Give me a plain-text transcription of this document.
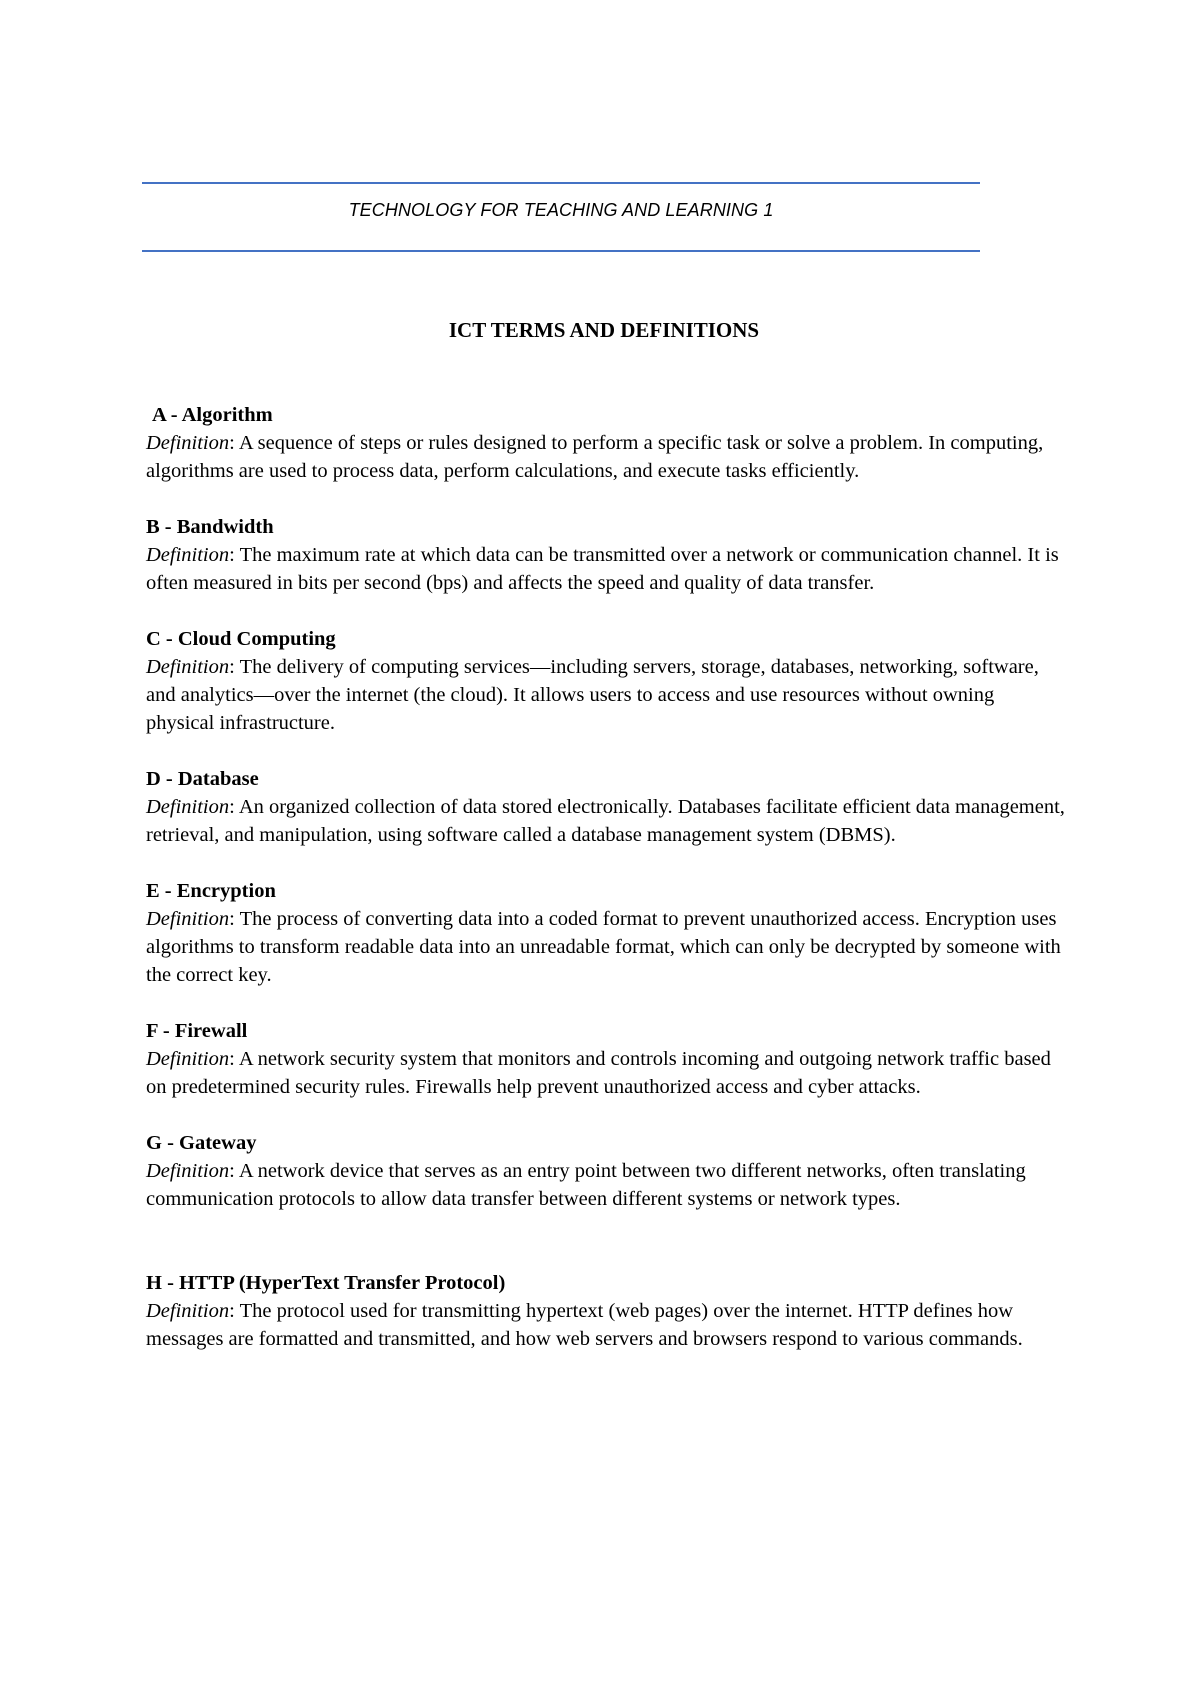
TECHNOLOGY FOR TEACHING AND LEARNING 1
ICT TERMS AND DEFINITIONS

A - Algorithm
Definition: A sequence of steps or rules designed to perform a specific task or solve a problem. In computing, algorithms are used to process data, perform calculations, and execute tasks efficiently.

B - Bandwidth
Definition: The maximum rate at which data can be transmitted over a network or communication channel. It is often measured in bits per second (bps) and affects the speed and quality of data transfer.

C - Cloud Computing
Definition: The delivery of computing services—including servers, storage, databases, networking, software, and analytics—over the internet (the cloud). It allows users to access and use resources without owning physical infrastructure.

D - Database
Definition: An organized collection of data stored electronically. Databases facilitate efficient data management, retrieval, and manipulation, using software called a database management system (DBMS).

E - Encryption
Definition: The process of converting data into a coded format to prevent unauthorized access. Encryption uses algorithms to transform readable data into an unreadable format, which can only be decrypted by someone with the correct key.

F - Firewall
Definition: A network security system that monitors and controls incoming and outgoing network traffic based on predetermined security rules. Firewalls help prevent unauthorized access and cyber attacks.

G - Gateway
Definition: A network device that serves as an entry point between two different networks, often translating communication protocols to allow data transfer between different systems or network types.

H - HTTP (HyperText Transfer Protocol)
Definition: The protocol used for transmitting hypertext (web pages) over the internet. HTTP defines how messages are formatted and transmitted, and how web servers and browsers respond to various commands.
